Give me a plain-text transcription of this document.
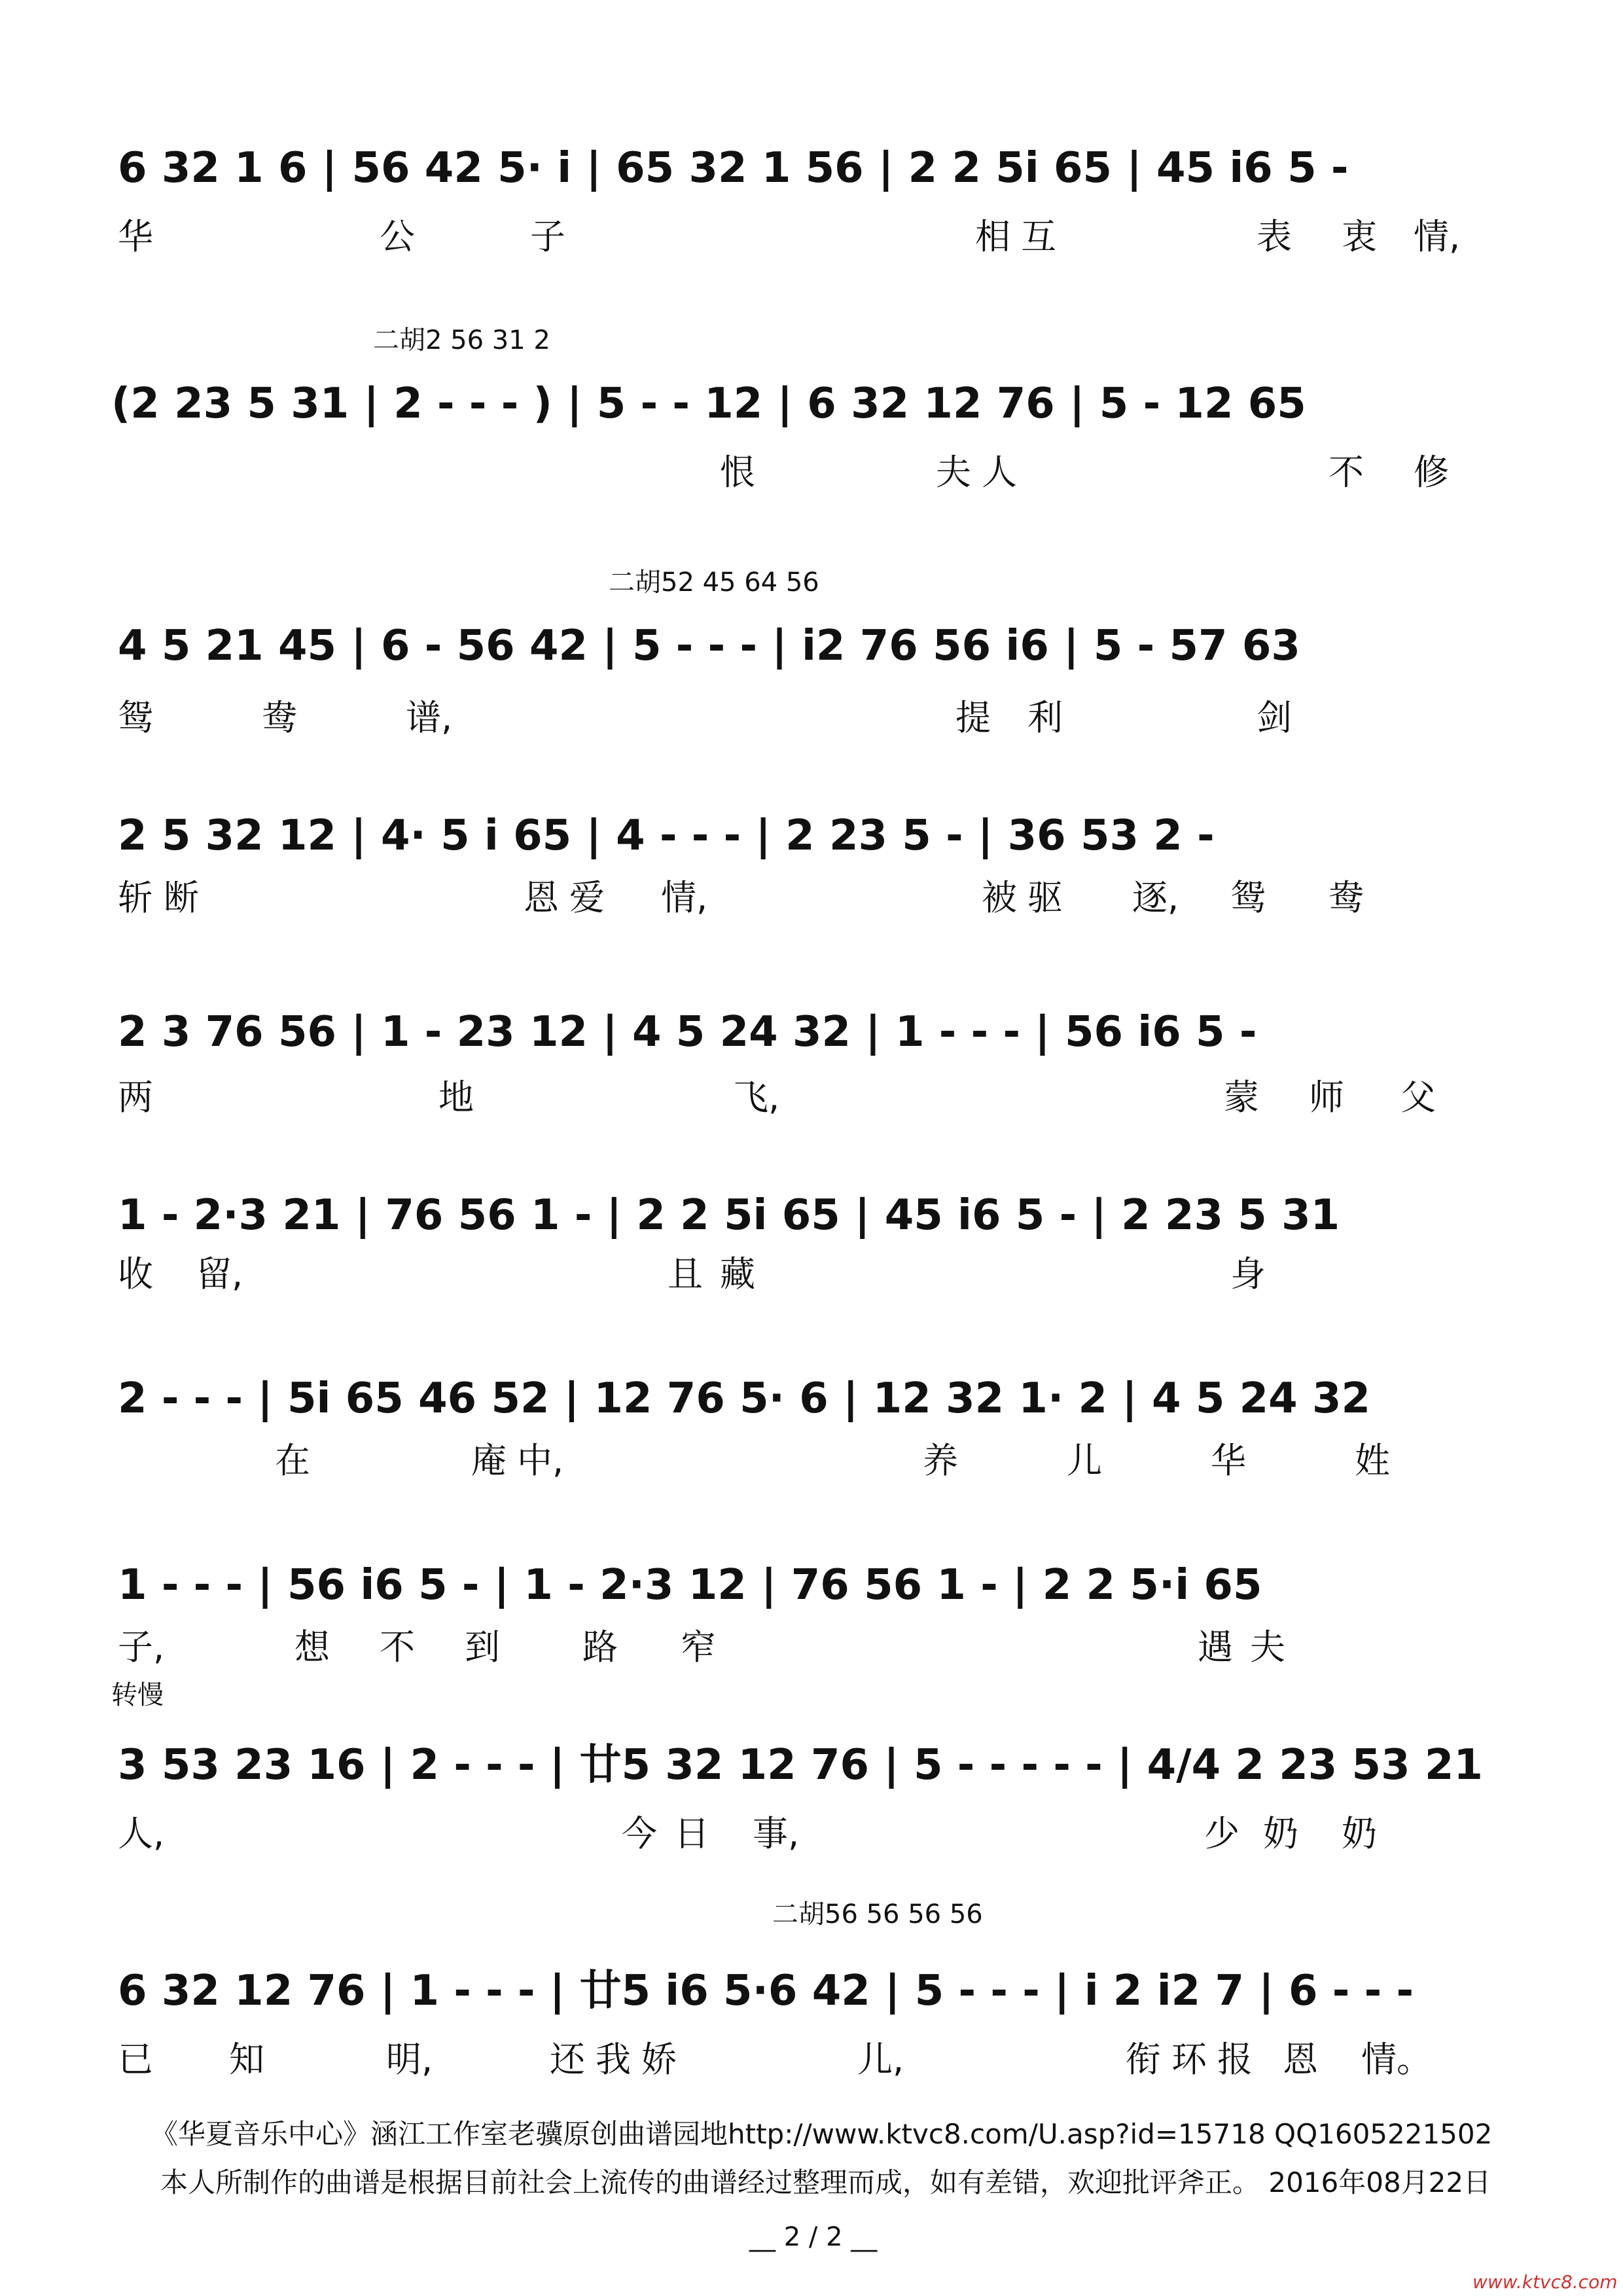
6 32 1 6 | 56 42 5· i | 65 32 1 56 | 2 2 5i 65 | 45 i6 5 -
华	公	子	相 互	表 衷 情,
二胡2 56 31 2
(2 23 5 31 | 2 - - - ) | 5 - - 12 | 6 32 12 76 | 5 - 12 65
恨	夫 人	不 修
二胡52 45 64 56
4 5 21 45 | 6 - 56 42 | 5 - - - | i2 76 56 i6 | 5 - 57 63
鸳	鸯	谱,	提 利	剑
2 5 32 12 | 4· 5 i 65 | 4 - - - | 2 23 5 - | 36 53 2 -
斩 断	恩 爱 情,	被 驱 逐, 鸳 鸯
2 3 76 56 | 1 - 23 12 | 4 5 24 32 | 1 - - - | 56 i6 5 -
两	地	飞,	蒙 师 父
1 - 2·3 21 | 76 56 1 - | 2 2 5i 65 | 45 i6 5 - | 2 23 5 31
收 留,	且 藏	身
2 - - - | 5i 65 46 52 | 12 76 5· 6 | 12 32 1· 2 | 4 5 24 32
在	庵 中,	养	儿	华	姓
1 - - - | 56 i6 5 - | 1 - 2·3 12 | 76 56 1 - | 2 2 5·i 65
子,	想 不 到 路 窄	遇 夫
转慢
3 53 23 16 | 2 - - - | 廿5 32 12 76 | 5 - - - - - | 4/4 2 23 53 21
人,	今 日 事,	少 奶 奶
二胡56 56 56 56
6 32 12 76 | 1 - - - | 廿5 i6 5·6 42 | 5 - - - | i 2 i2 7 | 6 - - -
已 知	明,	还 我 娇	儿,	衔 环 报 恩 情。
《华夏音乐中心》涵江工作室老骥原创曲谱园地http://www.ktvc8.com/U.asp?id=15718 QQ1605221502
本人所制作的曲谱是根据目前社会上流传的曲谱经过整理而成，如有差错，欢迎批评斧正。 2016年08月22日
__ 2 / 2 __
www.ktvc8.com
